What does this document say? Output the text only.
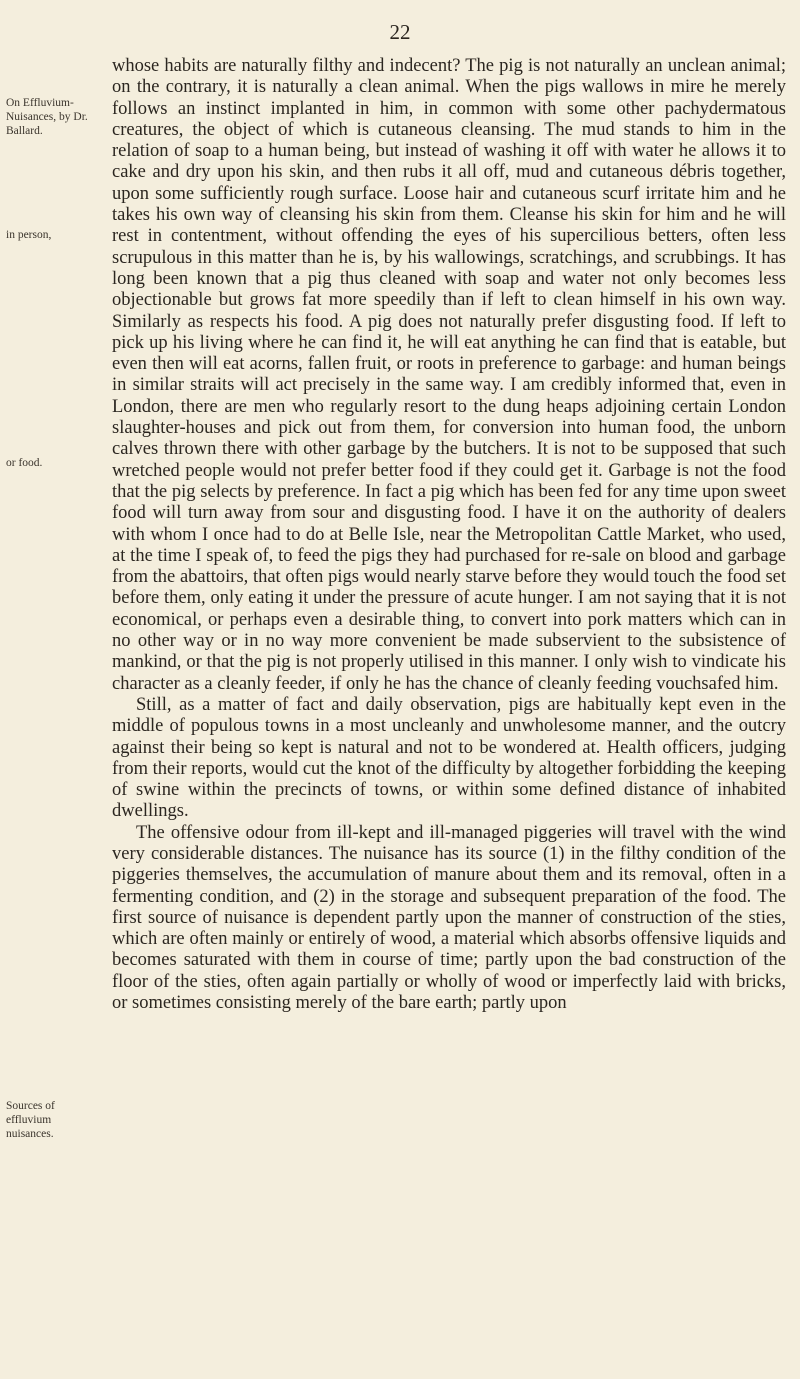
22
On Effluvium-Nuisances, by Dr. Ballard.
in person,
or food.
Sources of effluvium nuisances.

whose habits are naturally filthy and indecent? The pig is not naturally an unclean animal; on the contrary, it is naturally a clean animal. When the pigs wallows in mire he merely follows an instinct implanted in him, in common with some other pachydermatous creatures, the object of which is cutaneous cleansing. The mud stands to him in the relation of soap to a human being, but instead of washing it off with water he allows it to cake and dry upon his skin, and then rubs it all off, mud and cutaneous débris together, upon some sufficiently rough surface. Loose hair and cutaneous scurf irritate him and he takes his own way of cleansing his skin from them. Cleanse his skin for him and he will rest in contentment, without offending the eyes of his supercilious betters, often less scrupulous in this matter than he is, by his wallowings, scratchings, and scrubbings. It has long been known that a pig thus cleaned with soap and water not only becomes less objectionable but grows fat more speedily than if left to clean himself in his own way. Similarly as respects his food. A pig does not naturally prefer disgusting food. If left to pick up his living where he can find it, he will eat anything he can find that is eatable, but even then will eat acorns, fallen fruit, or roots in preference to garbage: and human beings in similar straits will act precisely in the same way. I am credibly informed that, even in London, there are men who regularly resort to the dung heaps adjoining certain London slaughter-houses and pick out from them, for conversion into human food, the unborn calves thrown there with other garbage by the butchers. It is not to be supposed that such wretched people would not prefer better food if they could get it. Garbage is not the food that the pig selects by preference. In fact a pig which has been fed for any time upon sweet food will turn away from sour and disgusting food. I have it on the authority of dealers with whom I once had to do at Belle Isle, near the Metropolitan Cattle Market, who used, at the time I speak of, to feed the pigs they had purchased for re-sale on blood and garbage from the abattoirs, that often pigs would nearly starve before they would touch the food set before them, only eating it under the pressure of acute hunger. I am not saying that it is not economical, or perhaps even a desirable thing, to convert into pork matters which can in no other way or in no way more convenient be made subservient to the subsistence of mankind, or that the pig is not properly utilised in this manner. I only wish to vindicate his character as a cleanly feeder, if only he has the chance of cleanly feeding vouchsafed him.

Still, as a matter of fact and daily observation, pigs are habitually kept even in the middle of populous towns in a most uncleanly and unwholesome manner, and the outcry against their being so kept is natural and not to be wondered at. Health officers, judging from their reports, would cut the knot of the difficulty by altogether forbidding the keeping of swine within the precincts of towns, or within some defined distance of inhabited dwellings.

The offensive odour from ill-kept and ill-managed piggeries will travel with the wind very considerable distances. The nuisance has its source (1) in the filthy condition of the piggeries themselves, the accumulation of manure about them and its removal, often in a fermenting condition, and (2) in the storage and subsequent preparation of the food. The first source of nuisance is dependent partly upon the manner of construction of the sties, which are often mainly or entirely of wood, a material which absorbs offensive liquids and becomes saturated with them in course of time; partly upon the bad construction of the floor of the sties, often again partially or wholly of wood or imperfectly laid with bricks, or sometimes consisting merely of the bare earth; partly upon
